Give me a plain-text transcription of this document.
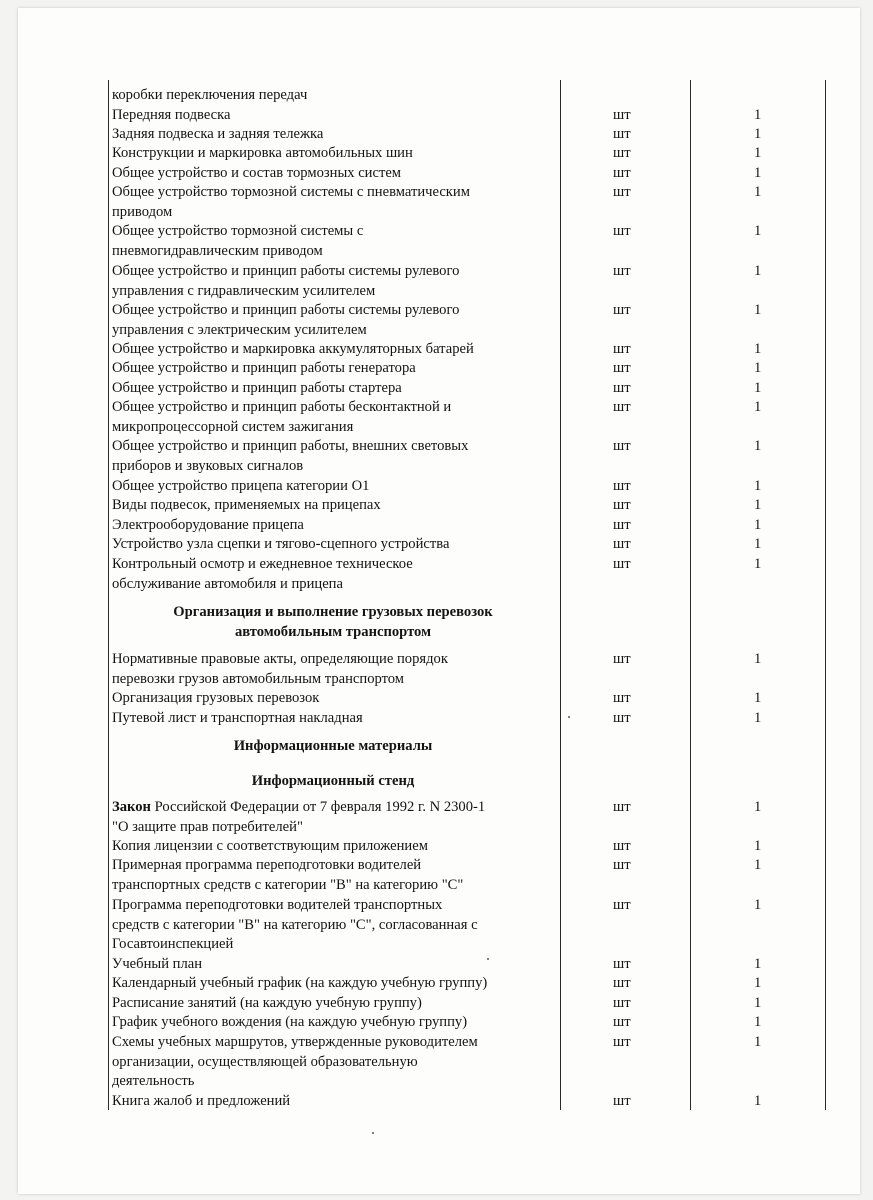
коробки переключения передач
Передняя подвеска	шт	1
Задняя подвеска и задняя тележка	шт	1
Конструкции и маркировка автомобильных шин	шт	1
Общее устройство и состав тормозных систем	шт	1
Общее устройство тормозной системы с пневматическим
приводом
шт	1
Общее устройство тормозной системы с
пневмогидравлическим приводом
шт	1
Общее устройство и принцип работы системы рулевого
управления с гидравлическим усилителем
шт	1
Общее устройство и принцип работы системы рулевого
управления с электрическим усилителем
шт	1
Общее устройство и маркировка аккумуляторных батарей	шт	1
Общее устройство и принцип работы генератора	шт	1
Общее устройство и принцип работы стартера	шт	1
Общее устройство и принцип работы бесконтактной и
микропроцессорной систем зажигания
шт	1
Общее устройство и принцип работы, внешних световых
приборов и звуковых сигналов
шт	1
Общее устройство прицепа категории О1	шт	1
Виды подвесок, применяемых на прицепах	шт	1
Электрооборудование прицепа	шт	1
Устройство узла сцепки и тягово-сцепного устройства	шт	1
Контрольный осмотр и ежедневное техническое
обслуживание автомобиля и прицепа
шт	1
Организация и выполнение грузовых перевозок
автомобильным транспортом
Нормативные правовые акты, определяющие порядок
перевозки грузов автомобильным транспортом
шт	1
Организация грузовых перевозок	шт	1
Путевой лист и транспортная накладная	шт	1
Информационные материалы
Информационный стенд
Закон Российской Федерации от 7 февраля 1992 г. N 2300-1
"О защите прав потребителей"
шт	1
Копия лицензии с соответствующим приложением	шт	1
Примерная программа переподготовки водителей
транспортных средств с категории "В" на категорию "С"
шт	1
Программа переподготовки водителей транспортных
средств с категории "В" на категорию "С", согласованная с
Госавтоинспекцией
шт	1
Учебный план	шт	1
Календарный учебный график (на каждую учебную группу)	шт	1
Расписание занятий (на каждую учебную группу)	шт	1
График учебного вождения (на каждую учебную группу)	шт	1
Схемы учебных маршрутов, утвержденные руководителем
организации, осуществляющей образовательную
деятельность
шт	1
Книга жалоб и предложений	шт	1
